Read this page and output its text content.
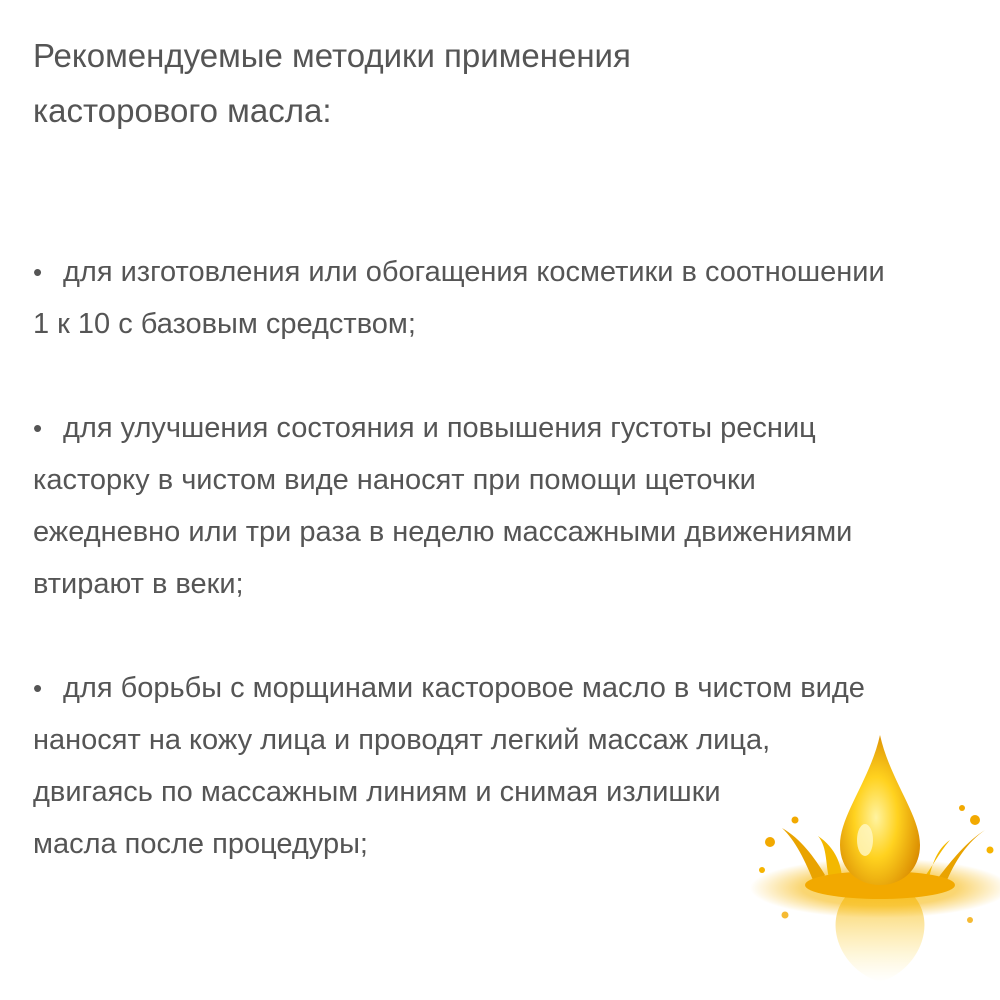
Рекомендуемые методики применения
касторового масла:
• для изготовления или обогащения косметики в соотношении
1 к 10 с базовым средством;
• для улучшения состояния и повышения густоты ресниц
касторку в чистом виде наносят при помощи щеточки
ежедневно или три раза в неделю массажными движениями
втирают в веки;
• для борьбы с морщинами касторовое масло в чистом виде
наносят на кожу лица и проводят легкий массаж лица,
двигаясь по массажным линиям и снимая излишки
масла после процедуры;
